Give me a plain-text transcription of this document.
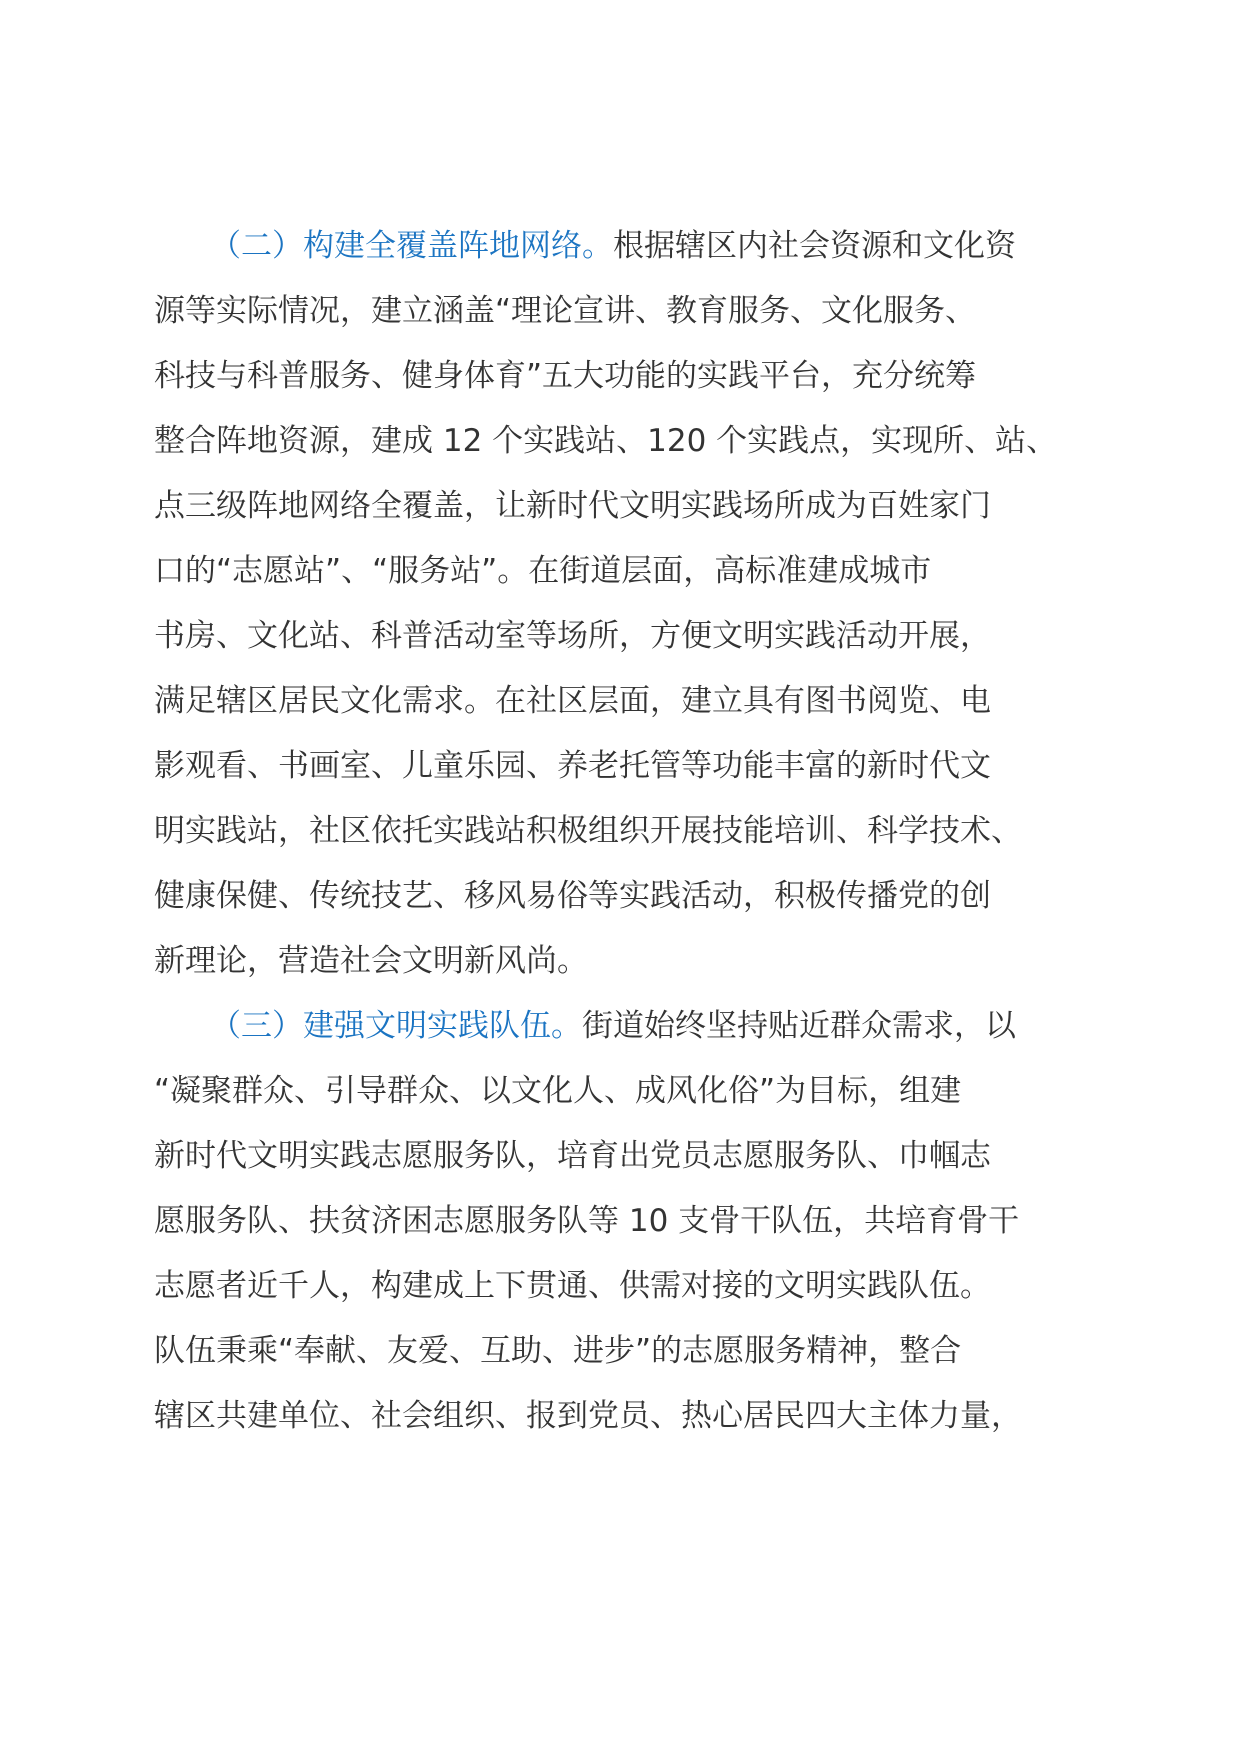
（二）构建全覆盖阵地网络。根据辖区内社会资源和文化资
源等实际情况，建立涵盖“理论宣讲、教育服务、文化服务、
科技与科普服务、健身体育”五大功能的实践平台，充分统筹
整合阵地资源，建成 12 个实践站、120 个实践点，实现所、站、
点三级阵地网络全覆盖，让新时代文明实践场所成为百姓家门
口的“志愿站”、“服务站”。在街道层面，高标准建成城市
书房、文化站、科普活动室等场所，方便文明实践活动开展，
满足辖区居民文化需求。在社区层面，建立具有图书阅览、电
影观看、书画室、儿童乐园、养老托管等功能丰富的新时代文
明实践站，社区依托实践站积极组织开展技能培训、科学技术、
健康保健、传统技艺、移风易俗等实践活动，积极传播党的创
新理论，营造社会文明新风尚。
（三）建强文明实践队伍。街道始终坚持贴近群众需求，以
“凝聚群众、引导群众、以文化人、成风化俗”为目标，组建
新时代文明实践志愿服务队，培育出党员志愿服务队、巾帼志
愿服务队、扶贫济困志愿服务队等 10 支骨干队伍，共培育骨干
志愿者近千人，构建成上下贯通、供需对接的文明实践队伍。
队伍秉乘“奉献、友爱、互助、进步”的志愿服务精神，整合
辖区共建单位、社会组织、报到党员、热心居民四大主体力量，
